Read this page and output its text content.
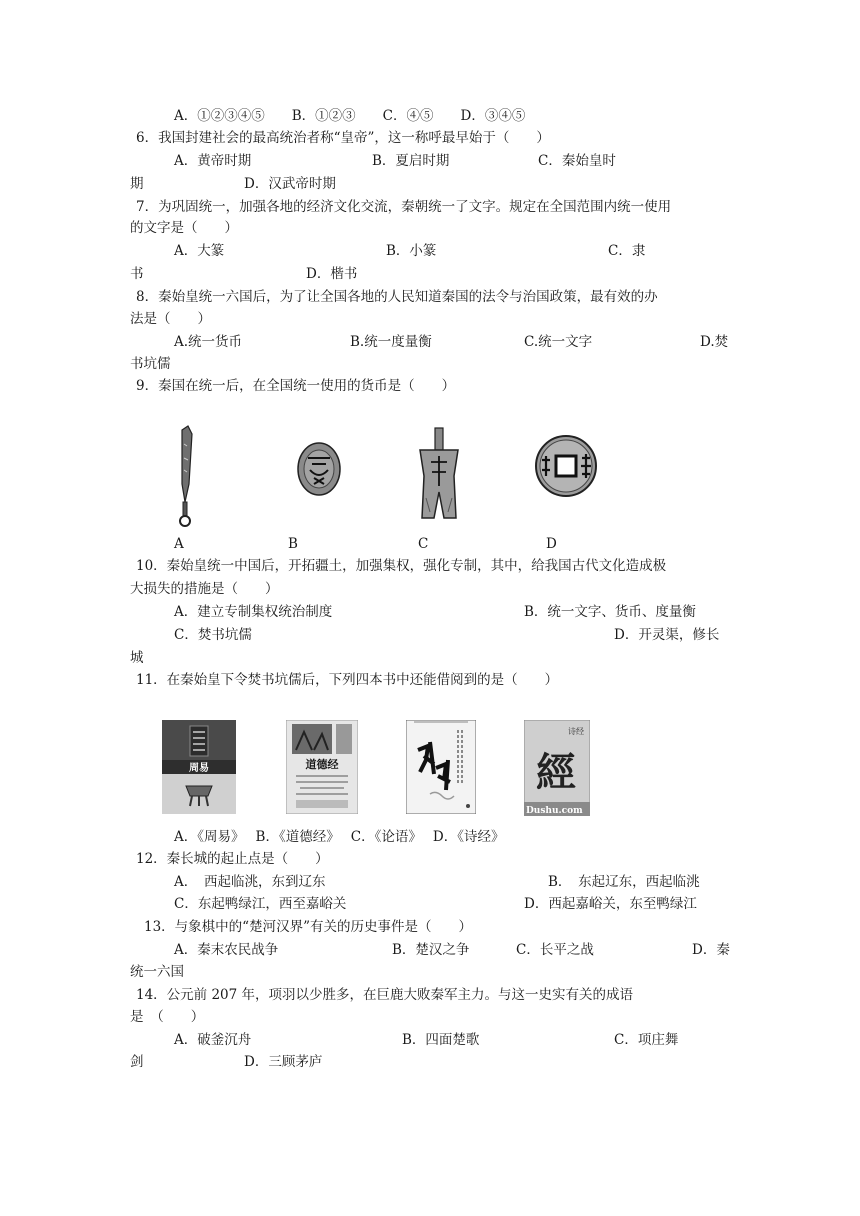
A．①②③④⑤　　B．①②③　　C．④⑤　　D．③④⑤
6．我国封建社会的最高统治者称“皇帝”，这一称呼最早始于（　　）
A．黄帝时期	B．夏启时期	C．秦始皇时
期	D．汉武帝时期
7．为巩固统一，加强各地的经济文化交流，秦朝统一了文字。规定在全国范围内统一使用
的文字是（　　）
A．大篆	B．小篆	C．隶
书	D．楷书
8．秦始皇统一六国后，为了让全国各地的人民知道秦国的法令与治国政策，最有效的办
法是（　　）
A.统一货币	B.统一度量衡	C.统一文字	D.焚
书坑儒
9．秦国在统一后，在全国统一使用的货币是（　　）
A	B	C	D
10．秦始皇统一中国后，开拓疆土，加强集权，强化专制，其中，给我国古代文化造成极
大损失的措施是（　　）
A．建立专制集权统治制度	B．统一文字、货币、度量衡
C．焚书坑儒	D．开灵渠，修长
城
11．在秦始皇下令焚书坑儒后，下列四本书中还能借阅到的是（　　）
周易	道德经
诗经
經
Dushu.com
A．《周易》　 B．《道德经》　 C．《论语》　 D．《诗经》
12．秦长城的起止点是（　　）
A．　西起临洮，东到辽东	B．　东起辽东，西起临洮
C．东起鸭绿江，西至嘉峪关	D．西起嘉峪关，东至鸭绿江
13．与象棋中的“楚河汉界”有关的历史事件是（　　）
A．秦末农民战争	B．楚汉之争	C．长平之战	D．秦
统一六国
14．公元前 207 年，项羽以少胜多，在巨鹿大败秦军主力。与这一史实有关的成语
是　（　　）
A．破釜沉舟	B．四面楚歌	C．项庄舞
剑	D．三顾茅庐
